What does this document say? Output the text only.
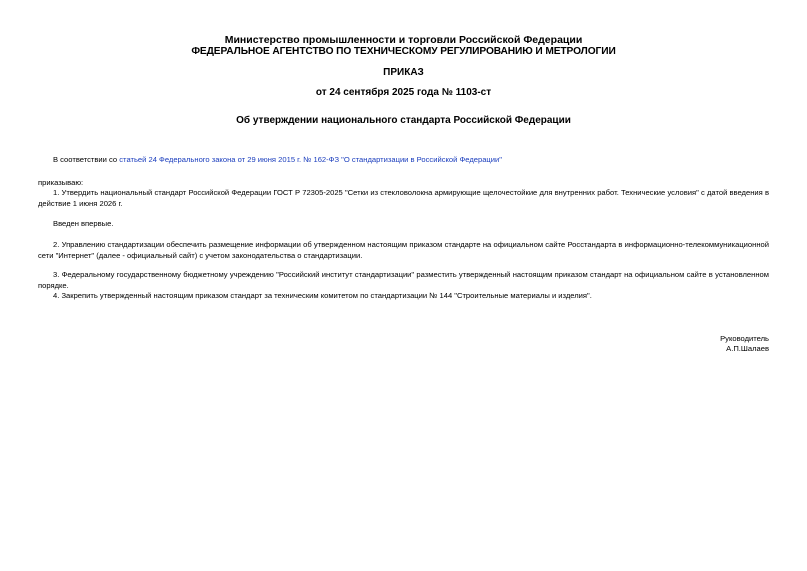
Министерство промышленности и торговли Российской Федерации
ФЕДЕРАЛЬНОЕ АГЕНТСТВО ПО ТЕХНИЧЕСКОМУ РЕГУЛИРОВАНИЮ И МЕТРОЛОГИИ
ПРИКАЗ
от 24 сентября 2025 года № 1103-ст
Об утверждении национального стандарта Российской Федерации
В соответствии со статьей 24 Федерального закона от 29 июня 2015 г. № 162-ФЗ "О стандартизации в Российской Федерации"
приказываю:
1. Утвердить национальный стандарт Российской Федерации ГОСТ Р 72305-2025 "Сетки из стекловолокна армирующие щелочестойкие для внутренних работ. Технические условия" с датой введения в действие 1 июня 2026 г.
Введен впервые.
2. Управлению стандартизации обеспечить размещение информации об утвержденном настоящим приказом стандарте на официальном сайте Росстандарта в информационно-телекоммуникационной сети "Интернет" (далее - официальный сайт) с учетом законодательства о стандартизации.
3. Федеральному государственному бюджетному учреждению "Российский институт стандартизации" разместить утвержденный настоящим приказом стандарт на официальном сайте в установленном порядке.
4. Закрепить утвержденный настоящим приказом стандарт за техническим комитетом по стандартизации № 144 "Строительные материалы и изделия".
Руководитель
А.П.Шалаев
